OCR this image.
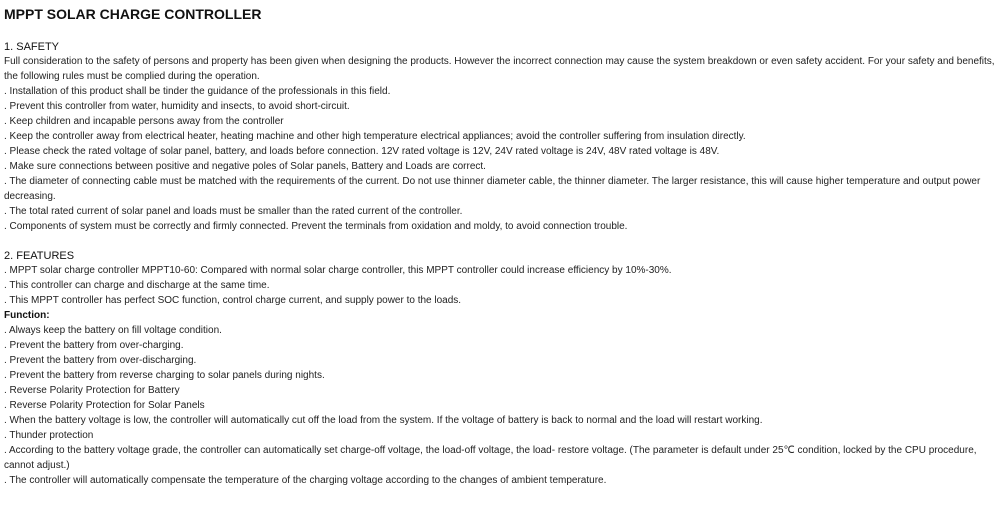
MPPT SOLAR CHARGE CONTROLLER
1. SAFETY

Full consideration to the safety of persons and property has been given when designing the products. However the incorrect connection may cause the system breakdown or even safety accident. For your safety and benefits, the following rules must be complied during the operation.

. Installation of this product shall be tinder the guidance of the professionals in this field.

. Prevent this controller from water, humidity and insects, to avoid short-circuit.

. Keep children and incapable persons away from the controller

. Keep the controller away from electrical heater, heating machine and other high temperature electrical appliances; avoid the controller suffering from insulation directly.

. Please check the rated voltage of solar panel, battery, and loads before connection. 12V rated voltage is 12V, 24V rated voltage is 24V, 48V rated voltage is 48V.

. Make sure connections between positive and negative poles of Solar panels, Battery and Loads are correct.

. The diameter of connecting cable must be matched with the requirements of the current. Do not use thinner diameter cable, the thinner diameter. The larger resistance, this will cause higher temperature and output power decreasing.

. The total rated current of solar panel and loads must be smaller than the rated current of the controller.

. Components of system must be correctly and firmly connected. Prevent the terminals from oxidation and moldy, to avoid connection trouble.

2. FEATURES

. MPPT solar charge controller MPPT10-60: Compared with normal solar charge controller, this MPPT controller could increase efficiency by 10%-30%.

. This controller can charge and discharge at the same time.

. This MPPT controller has perfect SOC function, control charge current, and supply power to the loads.

Function:

. Always keep the battery on fill voltage condition.

. Prevent the battery from over-charging.

. Prevent the battery from over-discharging.

. Prevent the battery from reverse charging to solar panels during nights.

. Reverse Polarity Protection for Battery

. Reverse Polarity Protection for Solar Panels

. When the battery voltage is low, the controller will automatically cut off the load from the system. If the voltage of battery is back to normal and the load will restart working.

. Thunder protection

. According to the battery voltage grade, the controller can automatically set charge-off voltage, the load-off voltage, the load- restore voltage. (The parameter is default under 25℃ condition, locked by the CPU procedure, cannot adjust.)

. The controller will automatically compensate the temperature of the charging voltage according to the changes of ambient temperature.
